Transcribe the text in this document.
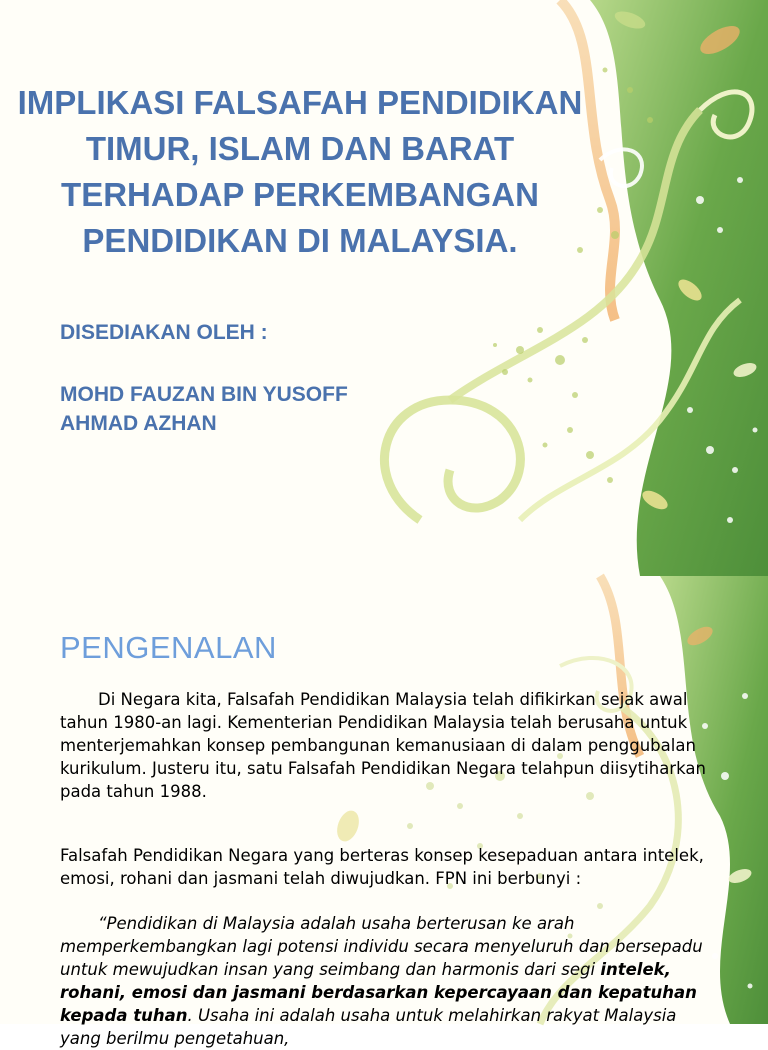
IMPLIKASI FALSAFAH PENDIDIKAN
TIMUR, ISLAM DAN BARAT
TERHADAP PERKEMBANGAN
PENDIDIKAN DI MALAYSIA.

DISEDIAKAN OLEH :

MOHD FAUZAN BIN YUSOFF
AHMAD AZHAN

PENGENALAN

Di Negara kita, Falsafah Pendidikan Malaysia telah difikirkan sejak awal tahun 1980-an lagi. Kementerian Pendidikan Malaysia telah berusaha untuk menterjemahkan konsep pembangunan kemanusiaan di dalam penggubalan kurikulum. Justeru itu, satu Falsafah Pendidikan Negara telahpun diisytiharkan pada tahun 1988.

Falsafah Pendidikan Negara yang berteras konsep kesepaduan antara intelek, emosi, rohani dan jasmani telah diwujudkan. FPN ini berbunyi :

“Pendidikan di Malaysia adalah usaha berterusan ke arah memperkembangkan lagi potensi individu secara menyeluruh dan bersepadu untuk mewujudkan insan yang seimbang dan harmonis dari segi intelek, rohani, emosi dan jasmani berdasarkan kepercayaan dan kepatuhan kepada tuhan. Usaha ini adalah usaha untuk melahirkan rakyat Malaysia yang berilmu pengetahuan,
